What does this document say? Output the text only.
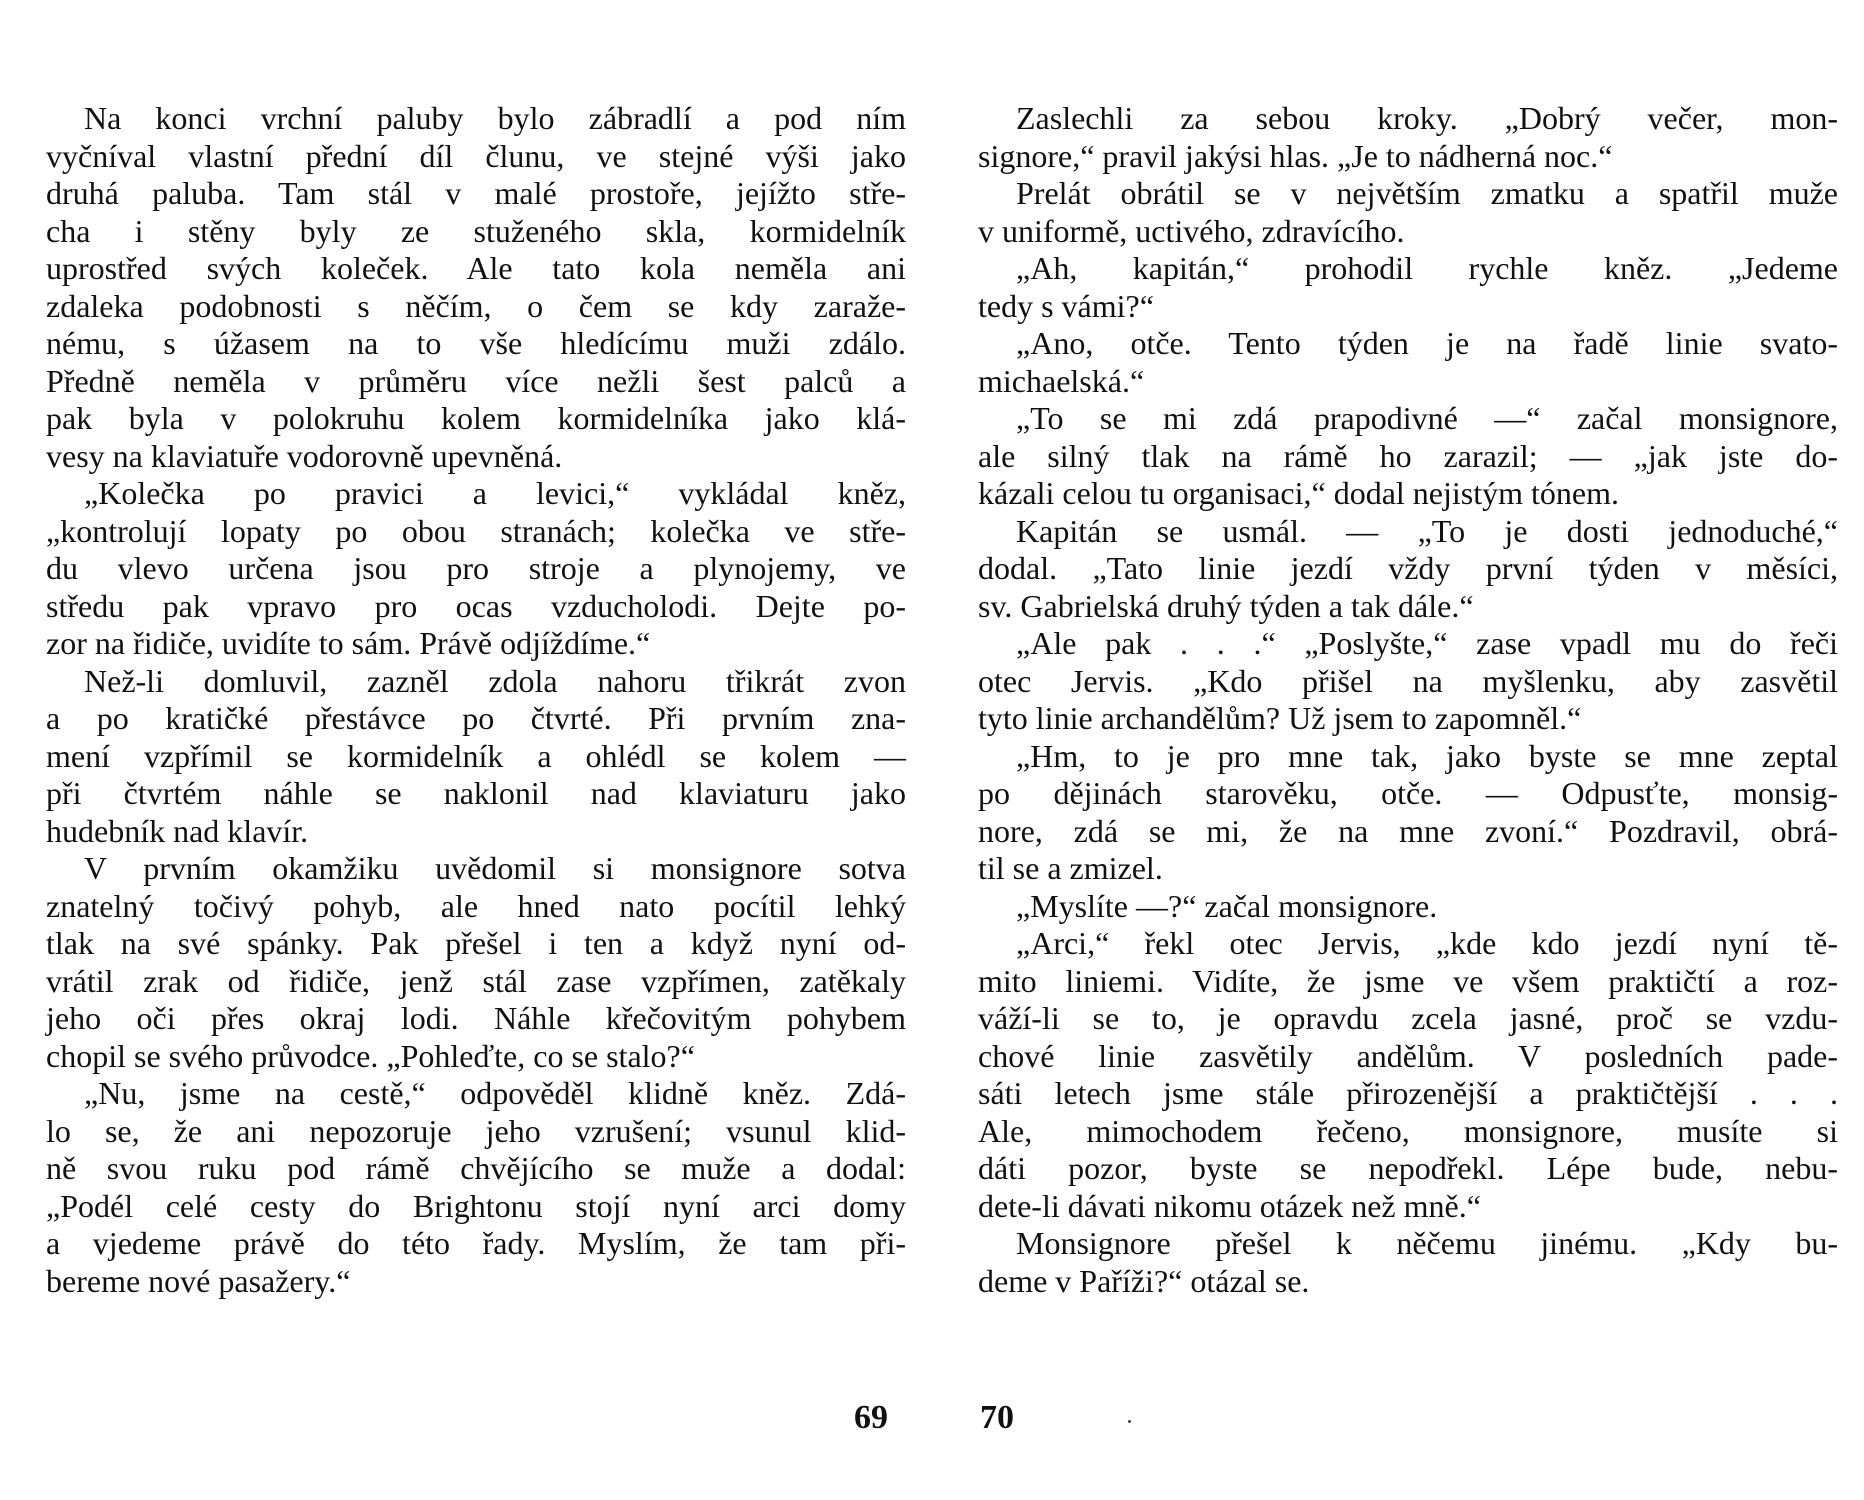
Na konci vrchní paluby bylo zábradlí a pod ním
vyčníval vlastní přední díl člunu, ve stejné výši jako
druhá paluba. Tam stál v malé prostoře, jejížto stře-
cha i stěny byly ze stuženého skla, kormidelník
uprostřed svých koleček. Ale tato kola neměla ani
zdaleka podobnosti s něčím, o čem se kdy zaraže-
nému, s úžasem na to vše hledícímu muži zdálo.
Předně neměla v průměru více nežli šest palců a
pak byla v polokruhu kolem kormidelníka jako klá-
vesy na klaviatuře vodorovně upevněná.
„Kolečka po pravici a levici,“ vykládal kněz,
„kontrolují lopaty po obou stranách; kolečka ve stře-
du vlevo určena jsou pro stroje a plynojemy, ve
středu pak vpravo pro ocas vzducholodi. Dejte po-
zor na řidiče, uvidíte to sám. Právě odjíždíme.“
Než-li domluvil, zazněl zdola nahoru třikrát zvon
a po kratičké přestávce po čtvrté. Při prvním zna-
mení vzpřímil se kormidelník a ohlédl se kolem —
při čtvrtém náhle se naklonil nad klaviaturu jako
hudebník nad klavír.
V prvním okamžiku uvědomil si monsignore sotva
znatelný točivý pohyb, ale hned nato pocítil lehký
tlak na své spánky. Pak přešel i ten a když nyní od-
vrátil zrak od řidiče, jenž stál zase vzpřímen, zatěkaly
jeho oči přes okraj lodi. Náhle křečovitým pohybem
chopil se svého průvodce. „Pohleďte, co se stalo?“
„Nu, jsme na cestě,“ odpověděl klidně kněz. Zdá-
lo se, že ani nepozoruje jeho vzrušení; vsunul klid-
ně svou ruku pod rámě chvějícího se muže a dodal:
„Podél celé cesty do Brightonu stojí nyní arci domy
a vjedeme právě do této řady. Myslím, že tam při-
bereme nové pasažery.“
Zaslechli za sebou kroky. „Dobrý večer, mon-
signore,“ pravil jakýsi hlas. „Je to nádherná noc.“
Prelát obrátil se v největším zmatku a spatřil muže
v uniformě, uctivého, zdravícího.
„Ah, kapitán,“ prohodil rychle kněz. „Jedeme
tedy s vámi?“
„Ano, otče. Tento týden je na řadě linie svato-
michaelská.“
„To se mi zdá prapodivné —“ začal monsignore,
ale silný tlak na rámě ho zarazil; — „jak jste do-
kázali celou tu organisaci,“ dodal nejistým tónem.
Kapitán se usmál. — „To je dosti jednoduché,“
dodal. „Tato linie jezdí vždy první týden v měsíci,
sv. Gabrielská druhý týden a tak dále.“
„Ale pak . . .“ „Poslyšte,“ zase vpadl mu do řeči
otec Jervis. „Kdo přišel na myšlenku, aby zasvětil
tyto linie archandělům? Už jsem to zapomněl.“
„Hm, to je pro mne tak, jako byste se mne zeptal
po dějinách starověku, otče. — Odpusťte, monsig-
nore, zdá se mi, že na mne zvoní.“ Pozdravil, obrá-
til se a zmizel.
„Myslíte —?“ začal monsignore.
„Arci,“ řekl otec Jervis, „kde kdo jezdí nyní tě-
mito liniemi. Vidíte, že jsme ve všem praktičtí a roz-
váží-li se to, je opravdu zcela jasné, proč se vzdu-
chové linie zasvětily andělům. V posledních pade-
sáti letech jsme stále přirozenější a praktičtější . . .
Ale, mimochodem řečeno, monsignore, musíte si
dáti pozor, byste se nepodřekl. Lépe bude, nebu-
dete-li dávati nikomu otázek než mně.“
Monsignore přešel k něčemu jinému. „Kdy bu-
deme v Paříži?“ otázal se.
69	70
